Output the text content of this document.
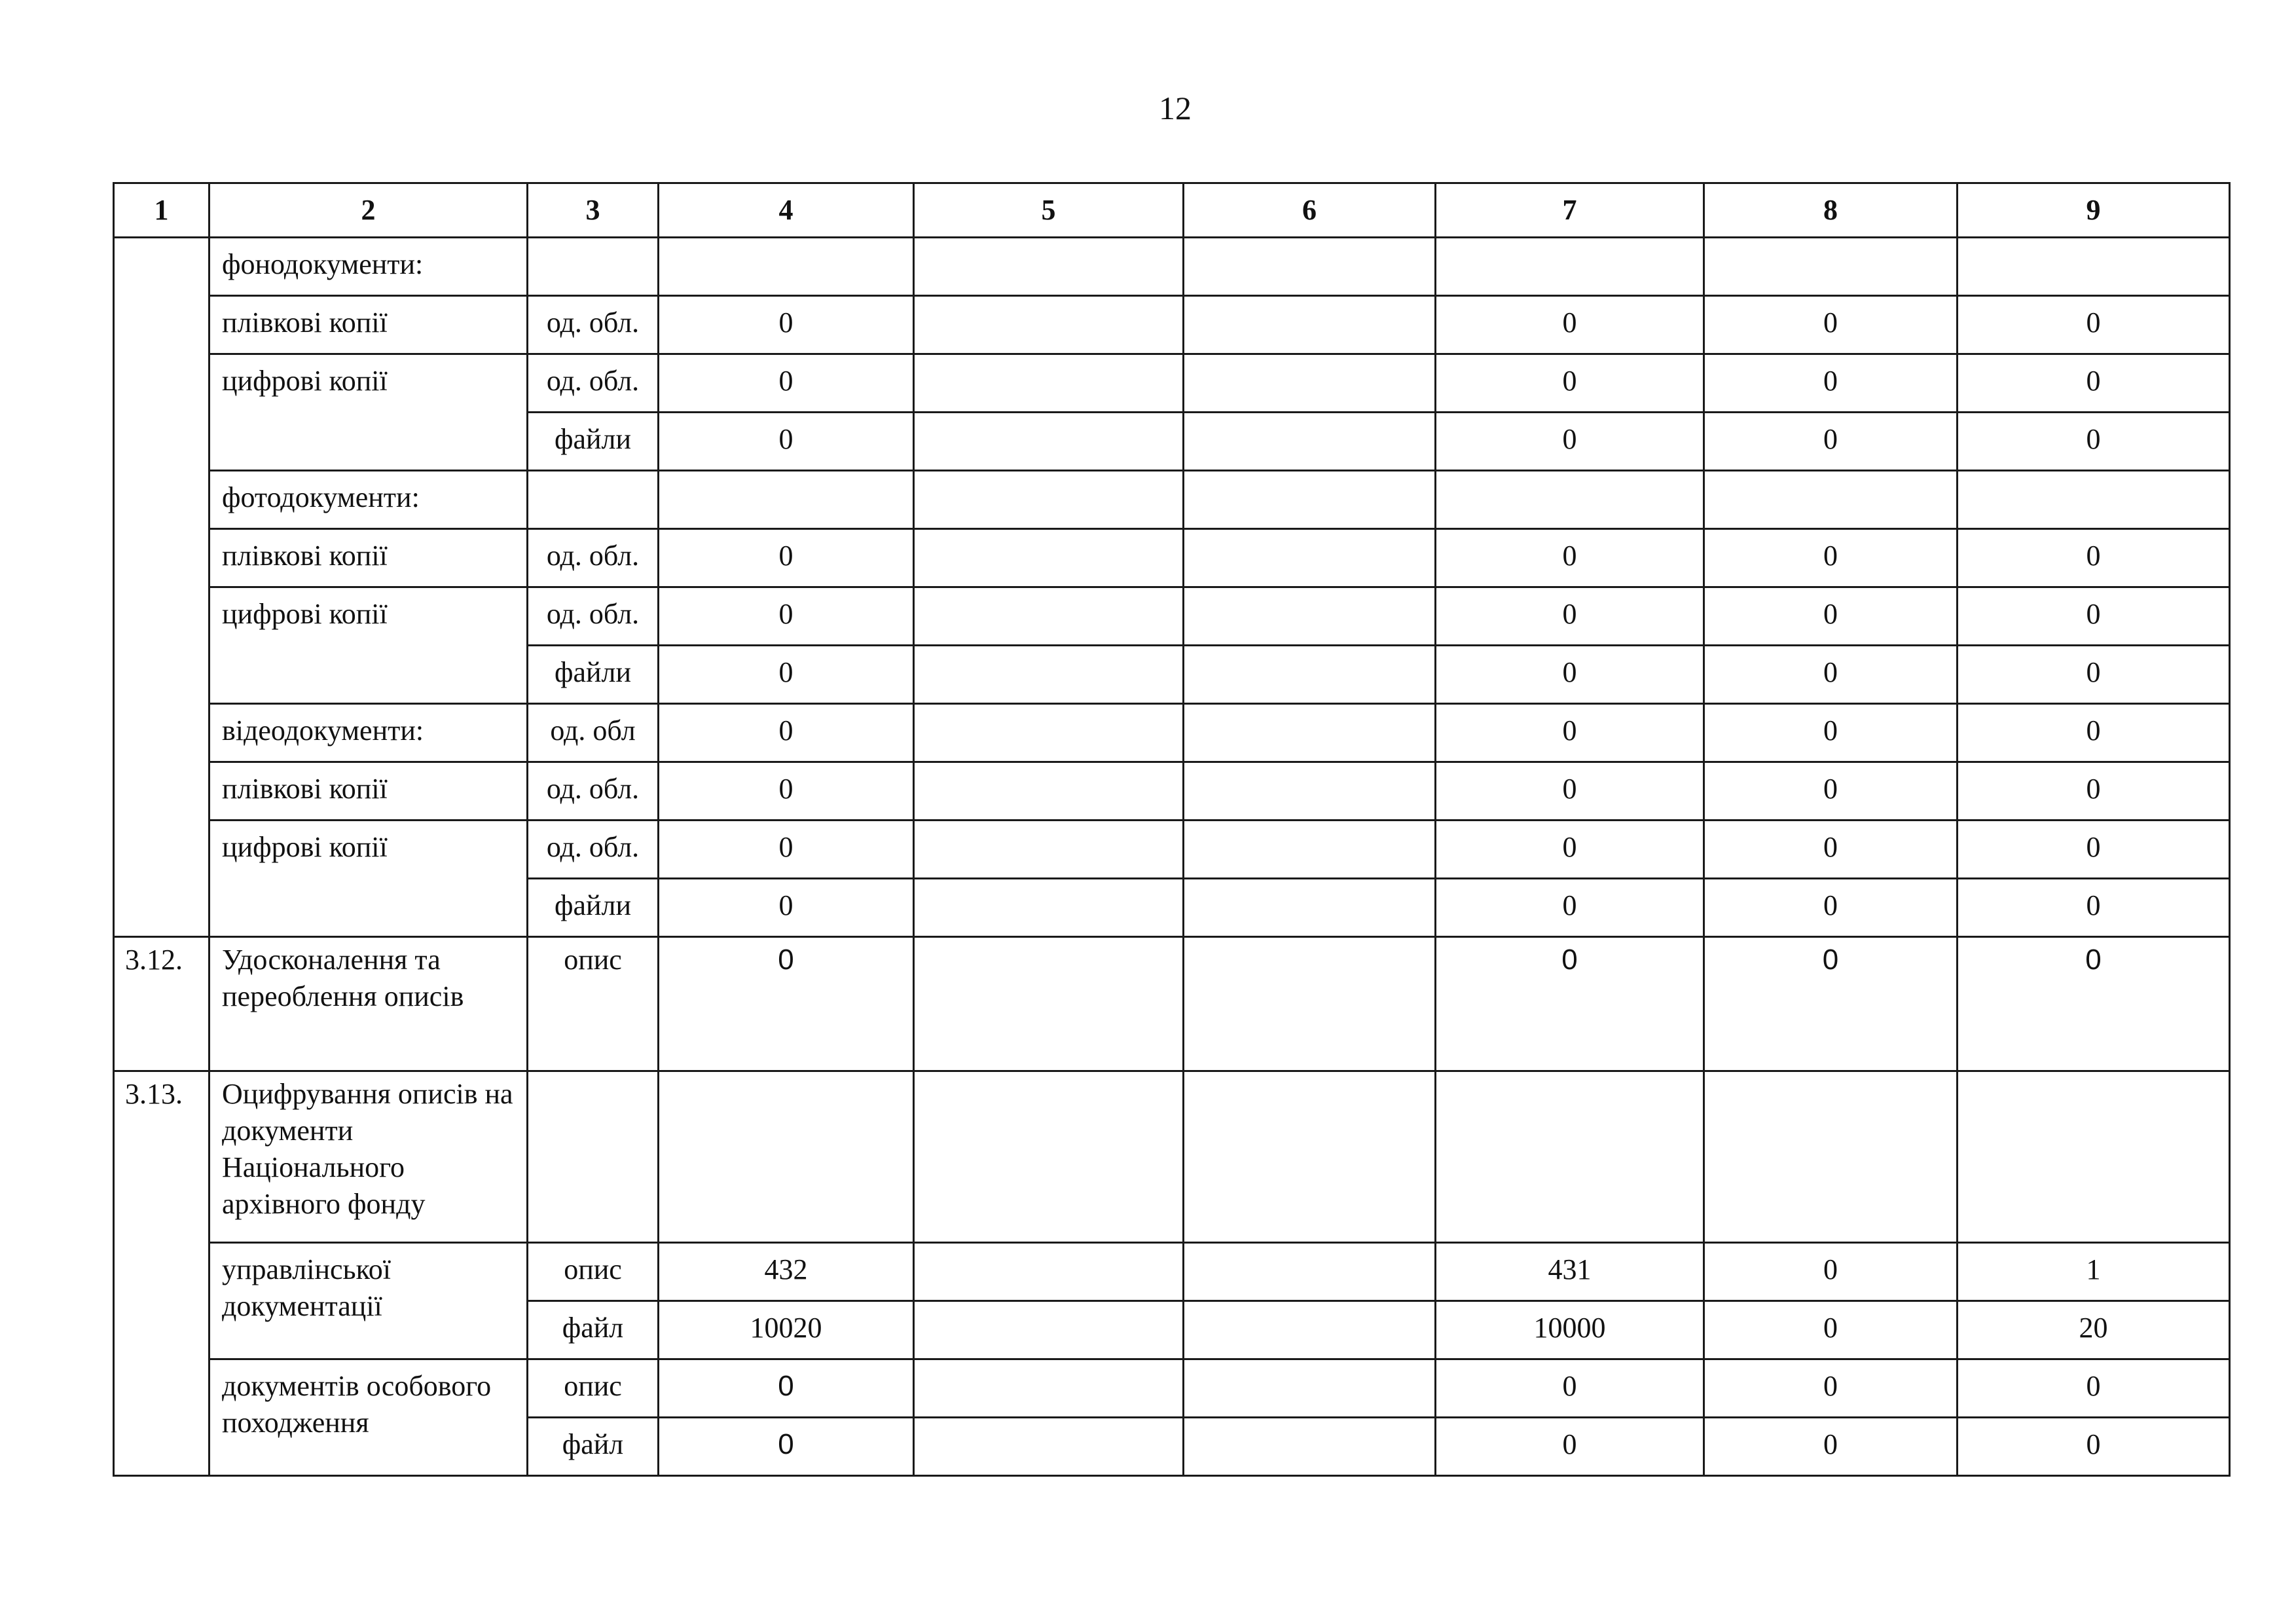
12
1	2	3	4	5	6	7	8	9
	фонодокументи:							
	плівкові копії	од. обл.	0			0	0	0
	цифрові копії	од. обл.	0			0	0	0
		файли	0			0	0	0
	фотодокументи:							
	плівкові копії	од. обл.	0			0	0	0
	цифрові копії	од. обл.	0			0	0	0
		файли	0			0	0	0
	відеодокументи:	од. обл	0			0	0	0
	плівкові копії	од. обл.	0			0	0	0
	цифрові копії	од. обл.	0			0	0	0
		файли	0			0	0	0
3.12.	Удосконалення та переоблення описів	опис	0			0	0	0
3.13.	Оцифрування описів на документи Національного архівного фонду							
	управлінської документації	опис	432			431	0	1
		файл	10020			10000	0	20
	документів особового походження	опис	0			0	0	0
		файл	0			0	0	0
